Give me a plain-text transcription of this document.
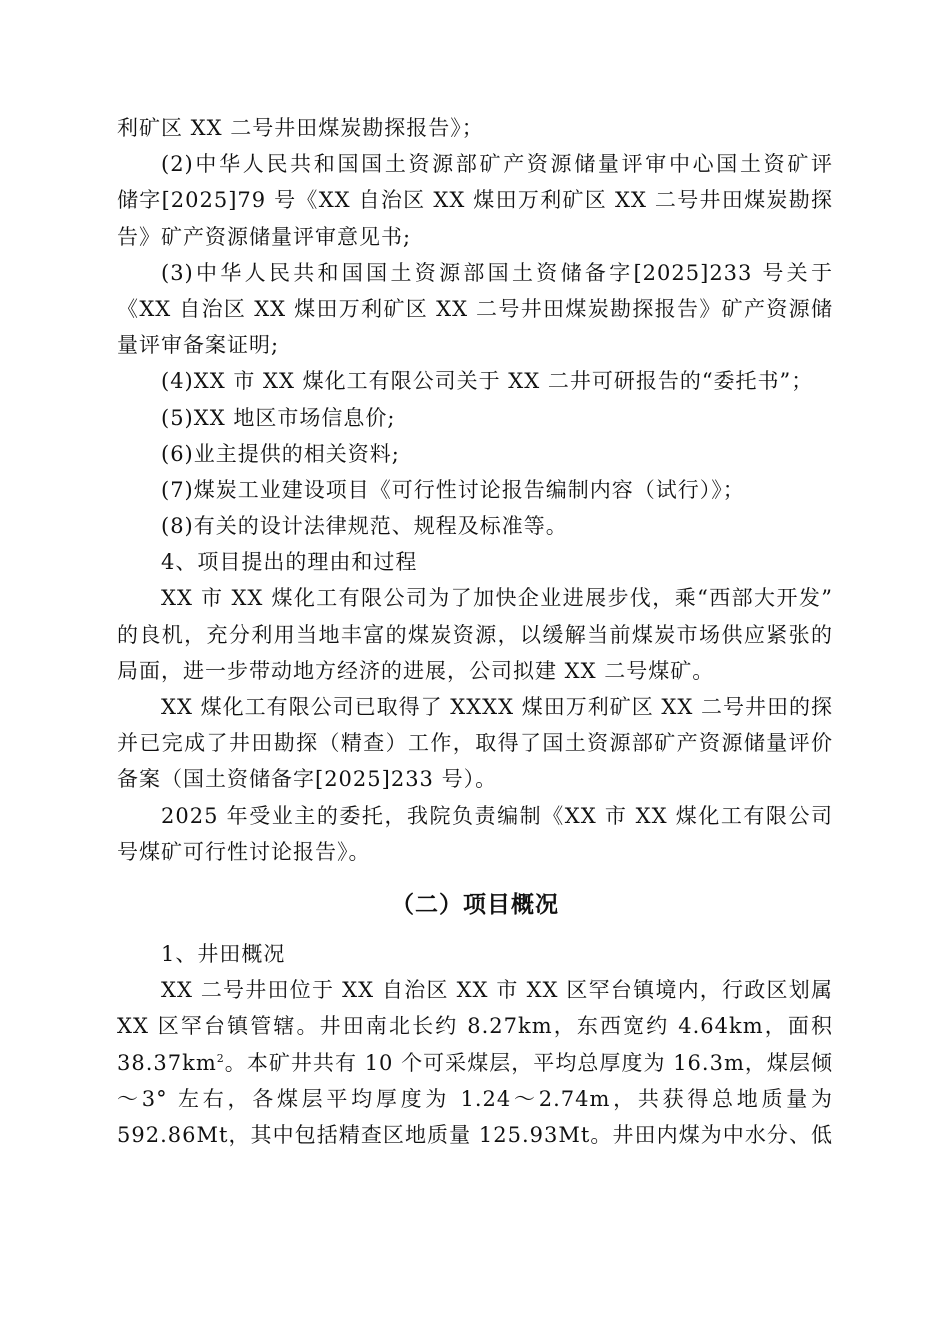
利矿区 XX 二号井田煤炭勘探报告》；
(2)中华人民共和国国土资源部矿产资源储量评审中心国土资矿评
储字[2025]79 号《XX 自治区 XX 煤田万利矿区 XX 二号井田煤炭勘探
告》矿产资源储量评审意见书;
(3)中华人民共和国国土资源部国土资储备字[2025]233 号关于
《XX 自治区 XX 煤田万利矿区 XX 二号井田煤炭勘探报告》矿产资源储
量评审备案证明;
(4)XX 市 XX 煤化工有限公司关于 XX 二井可研报告的“委托书”；
(5)XX 地区市场信息价;
(6)业主提供的相关资料;
(7)煤炭工业建设项目《可行性讨论报告编制内容（试行）》；
(8)有关的设计法律规范、规程及标准等。
4、项目提出的理由和过程
XX 市 XX 煤化工有限公司为了加快企业进展步伐，乘“西部大开发”
的良机，充分利用当地丰富的煤炭资源，以缓解当前煤炭市场供应紧张的
局面，进一步带动地方经济的进展，公司拟建 XX 二号煤矿。
XX 煤化工有限公司已取得了 XXXX 煤田万利矿区 XX 二号井田的探
并已完成了井田勘探（精查）工作，取得了国土资源部矿产资源储量评价
备案（国土资储备字[2025]233 号）。
2025 年受业主的委托，我院负责编制《XX 市 XX 煤化工有限公司
号煤矿可行性讨论报告》。
（二）项目概况
1、井田概况
XX 二号井田位于 XX 自治区 XX 市 XX 区罕台镇境内，行政区划属
XX 区罕台镇管辖。井田南北长约 8.27km，东西宽约 4.64km，面积
$38.37km^2$。本矿井共有 10 个可采煤层，平均总厚度为 16.3m，煤层倾
～3° 左右，各煤层平均厚度为 1.24～2.74m，共获得总地质量为
592.86Mt，其中包括精查区地质量 125.93Mt。井田内煤为中水分、低
